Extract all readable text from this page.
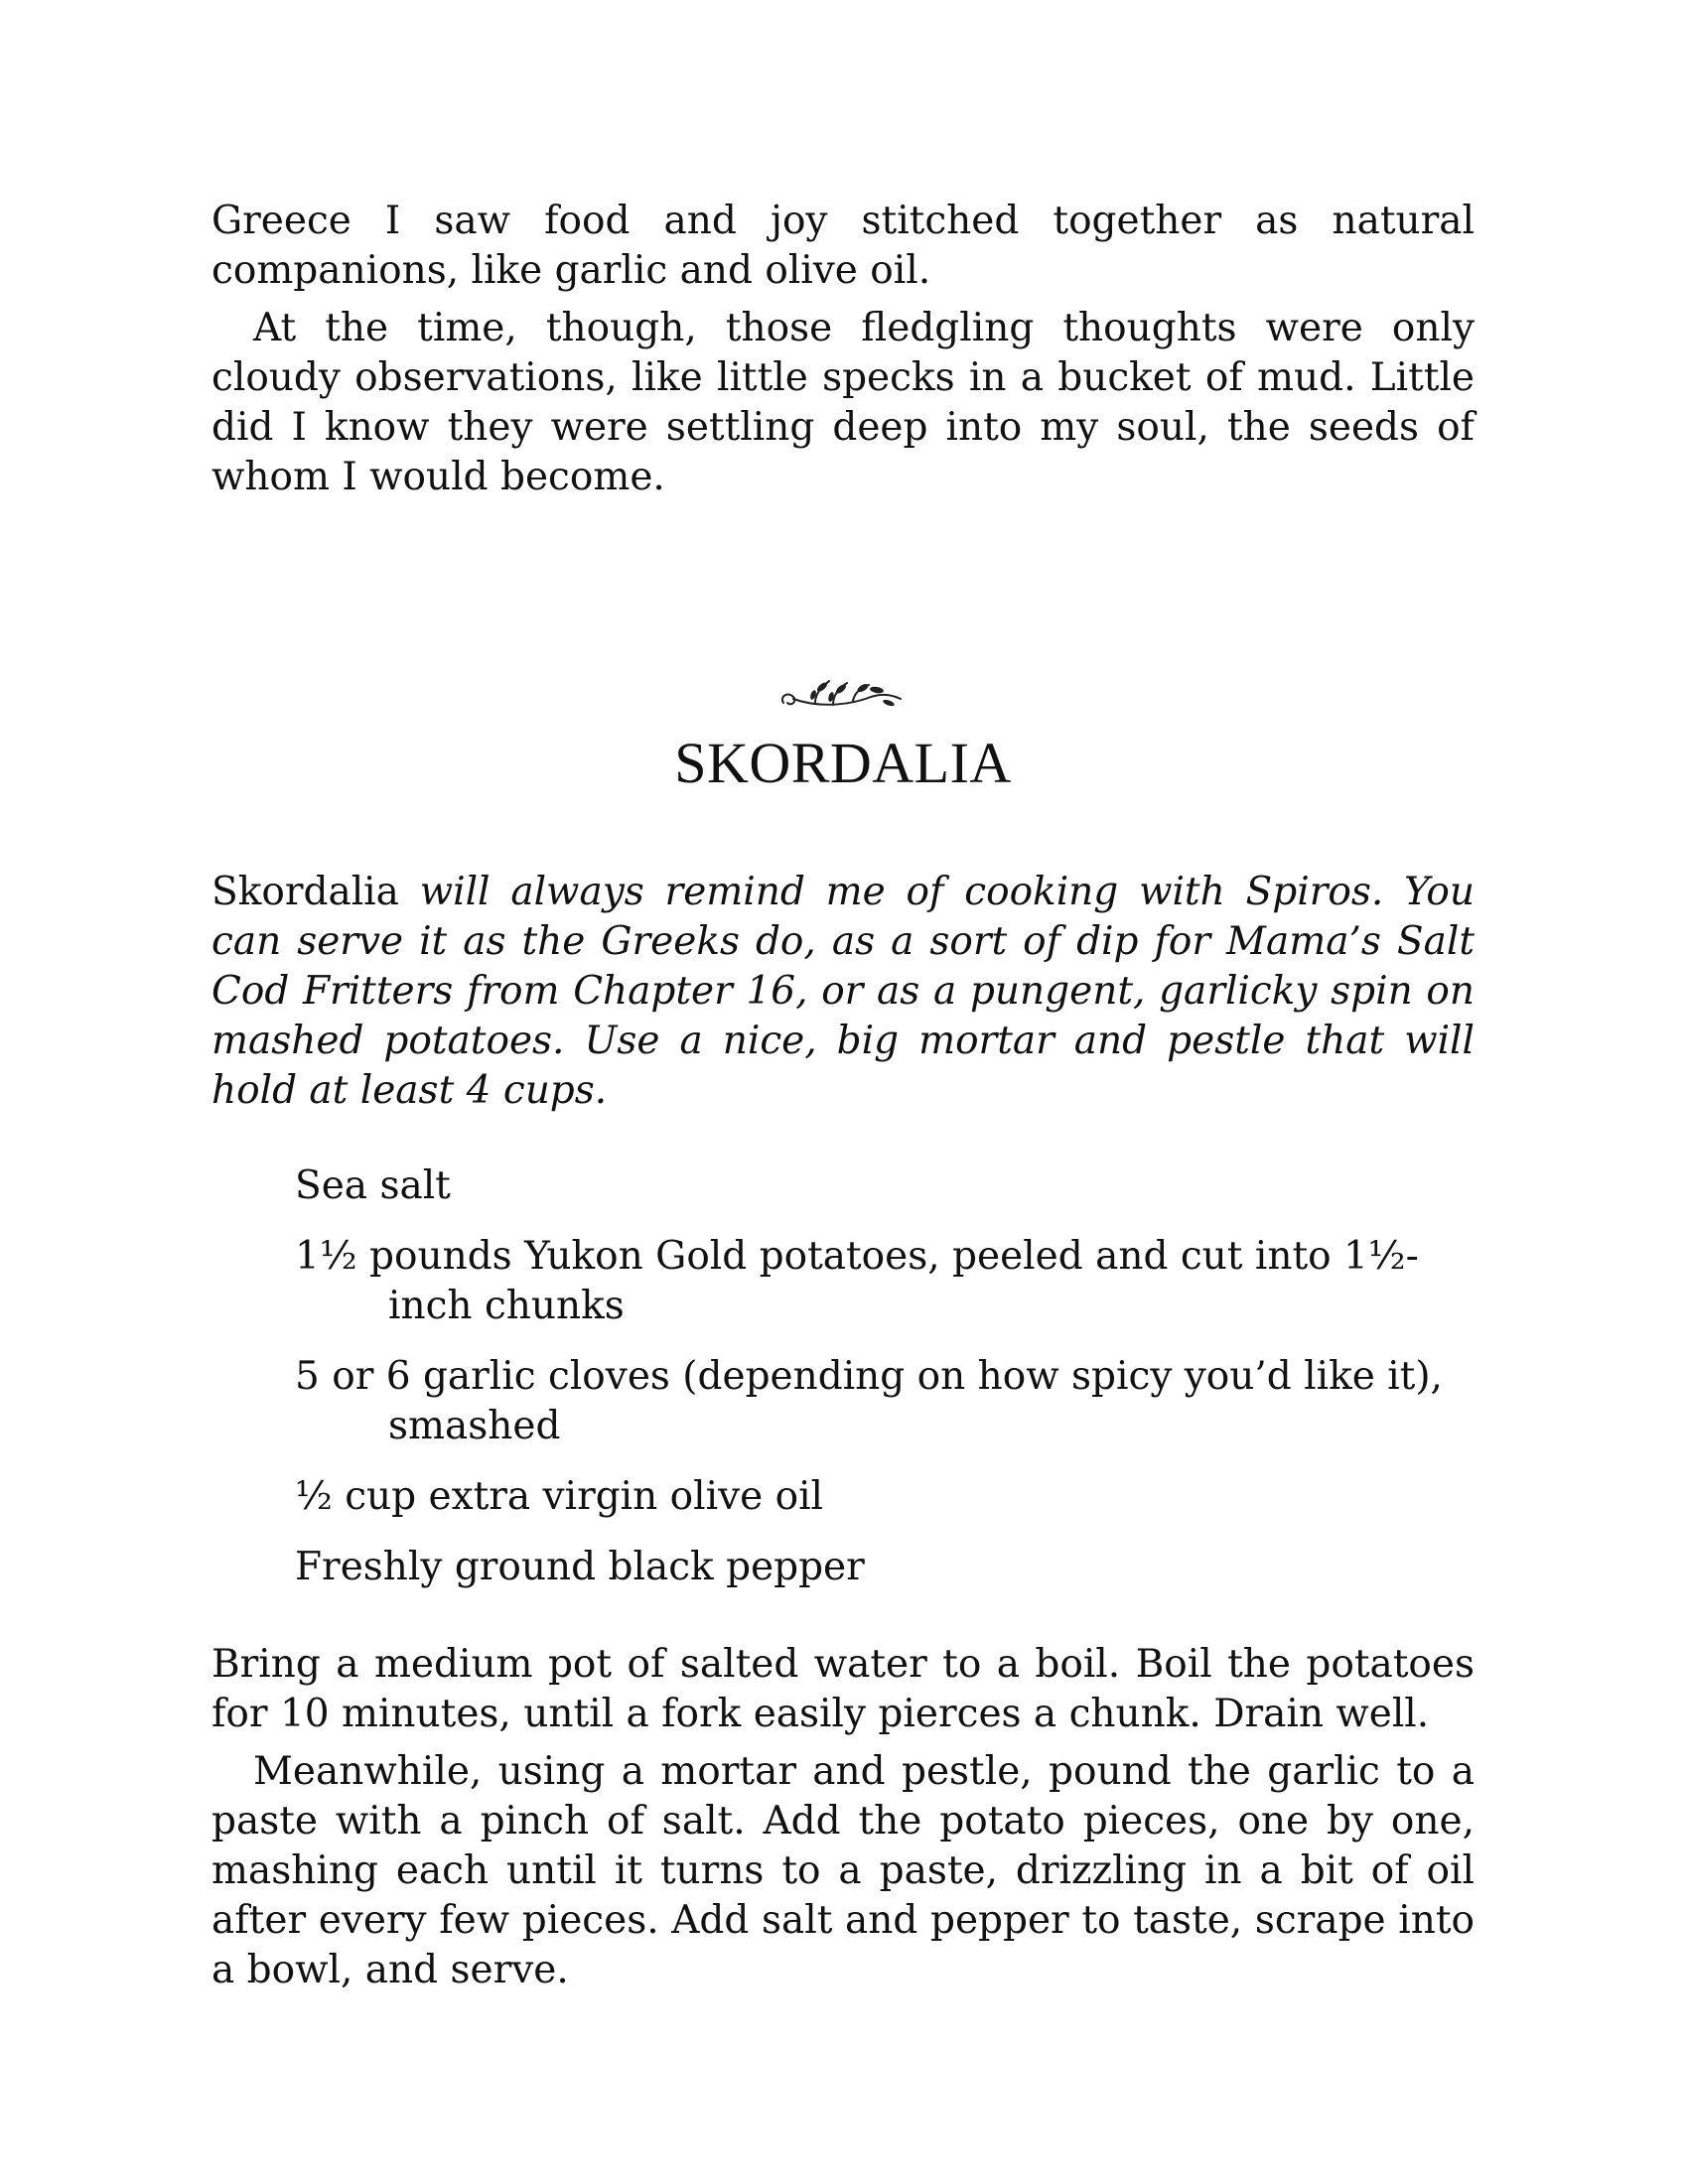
Greece I saw food and joy stitched together as natural companions, like garlic and olive oil.

At the time, though, those fledgling thoughts were only cloudy observations, like little specks in a bucket of mud. Little did I know they were settling deep into my soul, the seeds of whom I would become.

SKORDALIA

Skordalia will always remind me of cooking with Spiros. You can serve it as the Greeks do, as a sort of dip for Mama’s Salt Cod Fritters from Chapter 16, or as a pungent, garlicky spin on mashed potatoes. Use a nice, big mortar and pestle that will hold at least 4 cups.

Sea salt
1½ pounds Yukon Gold potatoes, peeled and cut into 1½-inch chunks
5 or 6 garlic cloves (depending on how spicy you’d like it), smashed
½ cup extra virgin olive oil
Freshly ground black pepper

Bring a medium pot of salted water to a boil. Boil the potatoes for 10 minutes, until a fork easily pierces a chunk. Drain well.

Meanwhile, using a mortar and pestle, pound the garlic to a paste with a pinch of salt. Add the potato pieces, one by one, mashing each until it turns to a paste, drizzling in a bit of oil after every few pieces. Add salt and pepper to taste, scrape into a bowl, and serve.
